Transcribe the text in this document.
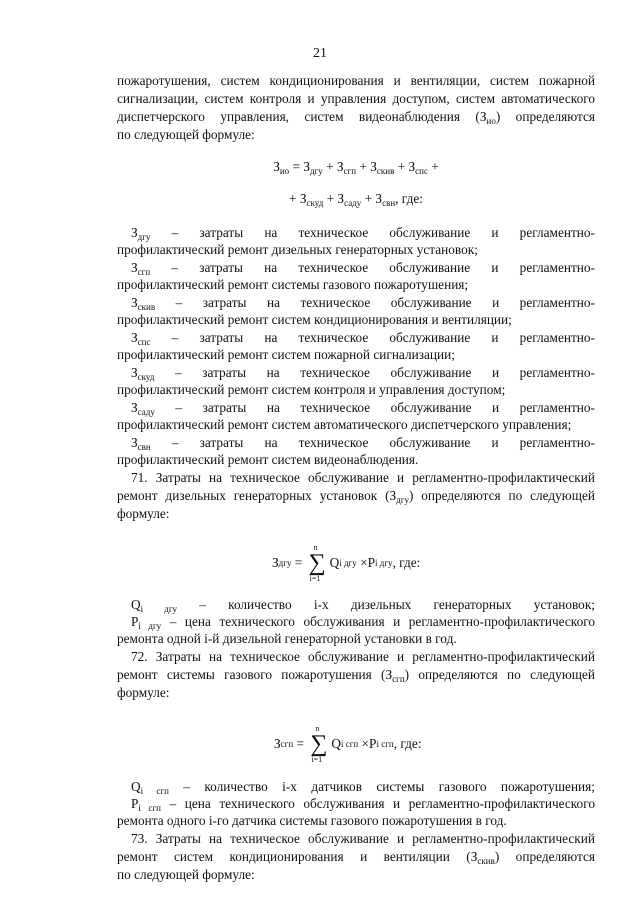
21
пожаротушения, систем кондиционирования и вентиляции, систем пожарной
сигнализации, систем контроля и управления доступом, систем автоматического
диспетчерского управления, систем видеонаблюдения $(З_{ио})$ определяются
по следующей формуле:
$З_{ио} = З_{дгу} + З_{сгп} + З_{скив} + З_{спс}$ +
+ $З_{скуд} + З_{саду} + З_{свн}$, где:
$З_{дгу}$ – затраты на техническое обслуживание и регламентно-
профилактический ремонт дизельных генераторных установок;
$З_{сгп}$ – затраты на техническое обслуживание и регламентно-
профилактический ремонт системы газового пожаротушения;
$З_{скив}$ – затраты на техническое обслуживание и регламентно-
профилактический ремонт систем кондиционирования и вентиляции;
$З_{спс}$ – затраты на техническое обслуживание и регламентно-
профилактический ремонт систем пожарной сигнализации;
$З_{скуд}$ – затраты на техническое обслуживание и регламентно-
профилактический ремонт систем контроля и управления доступом;
$З_{саду}$ – затраты на техническое обслуживание и регламентно-
профилактический ремонт систем автоматического диспетчерского управления;
$З_{свн}$ – затраты на техническое обслуживание и регламентно-
профилактический ремонт систем видеонаблюдения.
71. Затраты на техническое обслуживание и регламентно-профилактический
ремонт дизельных генераторных установок $(З_{дгу})$ определяются по следующей
формуле:
З дгу =
n
∑
i=1
Q i дгу × P i дгу , где:
$Q_{i дгу}$ – количество i-х дизельных генераторных установок;
$P_{i дгу}$ – цена технического обслуживания и регламентно-профилактического
ремонта одной i-й дизельной генераторной установки в год.
72. Затраты на техническое обслуживание и регламентно-профилактический
ремонт системы газового пожаротушения $(З_{сгп})$ определяются по следующей
формуле:
З сгп =
n
∑
i=1
Q i сгп × P i сгп , где:
$Q_{i сгп}$ – количество i-х датчиков системы газового пожаротушения;
$P_{i сгп}$ – цена технического обслуживания и регламентно-профилактического
ремонта одного i-го датчика системы газового пожаротушения в год.
73. Затраты на техническое обслуживание и регламентно-профилактический
ремонт систем кондиционирования и вентиляции $(З_{скив})$ определяются
по следующей формуле:
